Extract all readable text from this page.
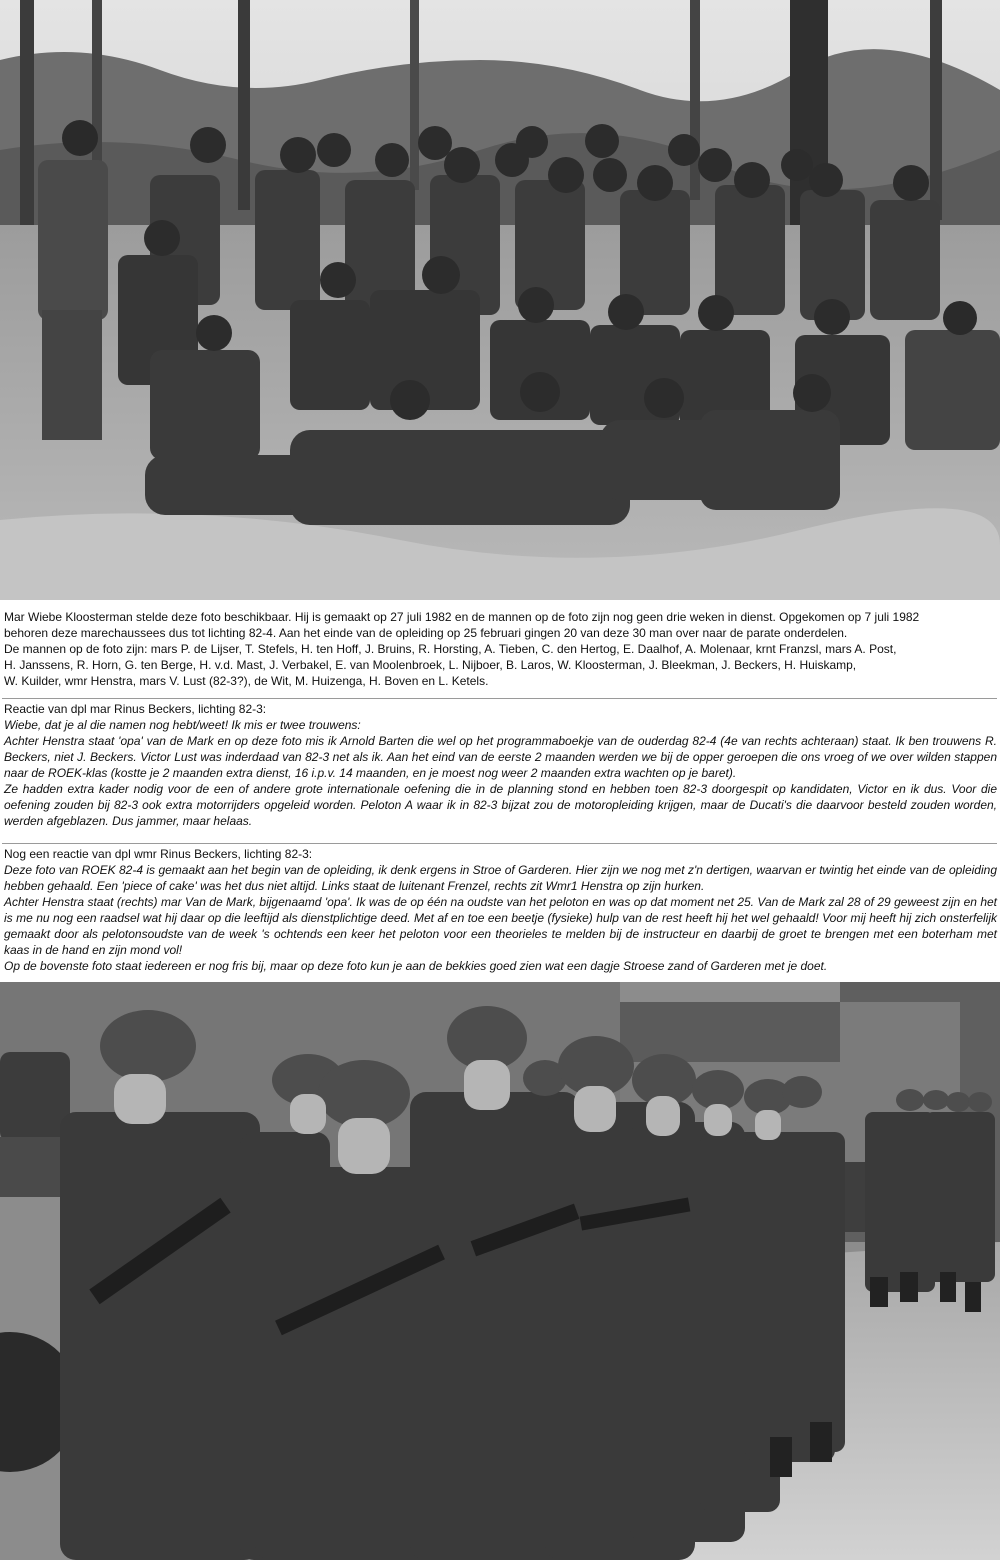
Mar Wiebe Kloosterman stelde deze foto beschikbaar. Hij is gemaakt op 27 juli 1982 en de mannen op de foto zijn nog geen drie weken in dienst. Opgekomen op 7 juli 1982

behoren deze marechaussees dus tot lichting 82-4. Aan het einde van de opleiding op 25 februari gingen 20 van deze 30 man over naar de parate onderdelen.

De mannen op de foto zijn: mars P. de Lijser, T. Stefels, H. ten Hoff, J. Bruins, R. Horsting, A. Tieben, C. den Hertog, E. Daalhof, A. Molenaar, krnt Franzsl, mars A. Post,

H. Janssens, R. Horn, G. ten Berge, H. v.d. Mast, J. Verbakel, E. van Moolenbroek, L. Nijboer, B. Laros, W. Kloosterman, J. Bleekman, J. Beckers, H. Huiskamp,

W. Kuilder, wmr Henstra, mars V. Lust (82-3?), de Wit, M. Huizenga, H. Boven en L. Ketels.

Reactie van dpl mar Rinus Beckers, lichting 82-3:

Wiebe, dat je al die namen nog hebt/weet! Ik mis er twee trouwens:

Achter Henstra staat 'opa' van de Mark en op deze foto mis ik Arnold Barten die wel op het programmaboekje van de ouderdag 82-4 (4e van rechts achteraan) staat. Ik ben trouwens R. Beckers, niet J. Beckers. Victor Lust was inderdaad van 82-3 net als ik. Aan het eind van de eerste 2 maanden werden we bij de opper geroepen die ons vroeg of we over wilden stappen naar de ROEK-klas (kostte je 2 maanden extra dienst, 16 i.p.v. 14 maanden, en je moest nog weer 2 maanden extra wachten op je baret).

Ze hadden extra kader nodig voor de een of andere grote internationale oefening die in de planning stond en hebben toen 82-3 doorgespit op kandidaten, Victor en ik dus. Voor die oefening zouden bij 82-3 ook extra motorrijders opgeleid worden. Peloton A waar ik in 82-3 bijzat zou de motoropleiding krijgen, maar de Ducati's die daarvoor besteld zouden worden, werden afgeblazen. Dus jammer, maar helaas.

Nog een reactie van dpl wmr Rinus Beckers, lichting 82-3:

Deze foto van ROEK 82-4 is gemaakt aan het begin van de opleiding, ik denk ergens in Stroe of Garderen. Hier zijn we nog met z'n dertigen, waarvan er twintig het einde van de opleiding hebben gehaald. Een 'piece of cake' was het dus niet altijd. Links staat de luitenant Frenzel, rechts zit Wmr1 Henstra op zijn hurken.

Achter Henstra staat (rechts) mar Van de Mark, bijgenaamd 'opa'. Ik was de op één na oudste van het peloton en was op dat moment net 25. Van de Mark zal 28 of 29 geweest zijn en het is me nu nog een raadsel wat hij daar op die leeftijd als dienstplichtige deed. Met af en toe een beetje (fysieke) hulp van de rest heeft hij het wel gehaald! Voor mij heeft hij zich onsterfelijk gemaakt door als pelotonsoudste van de week 's ochtends een keer het peloton voor een theorieles te melden bij de instructeur en daarbij de groet te brengen met een boterham met kaas in de hand en zijn mond vol!

Op de bovenste foto staat iedereen er nog fris bij, maar op deze foto kun je aan de bekkies goed zien wat een dagje Stroese zand of Garderen met je doet.
